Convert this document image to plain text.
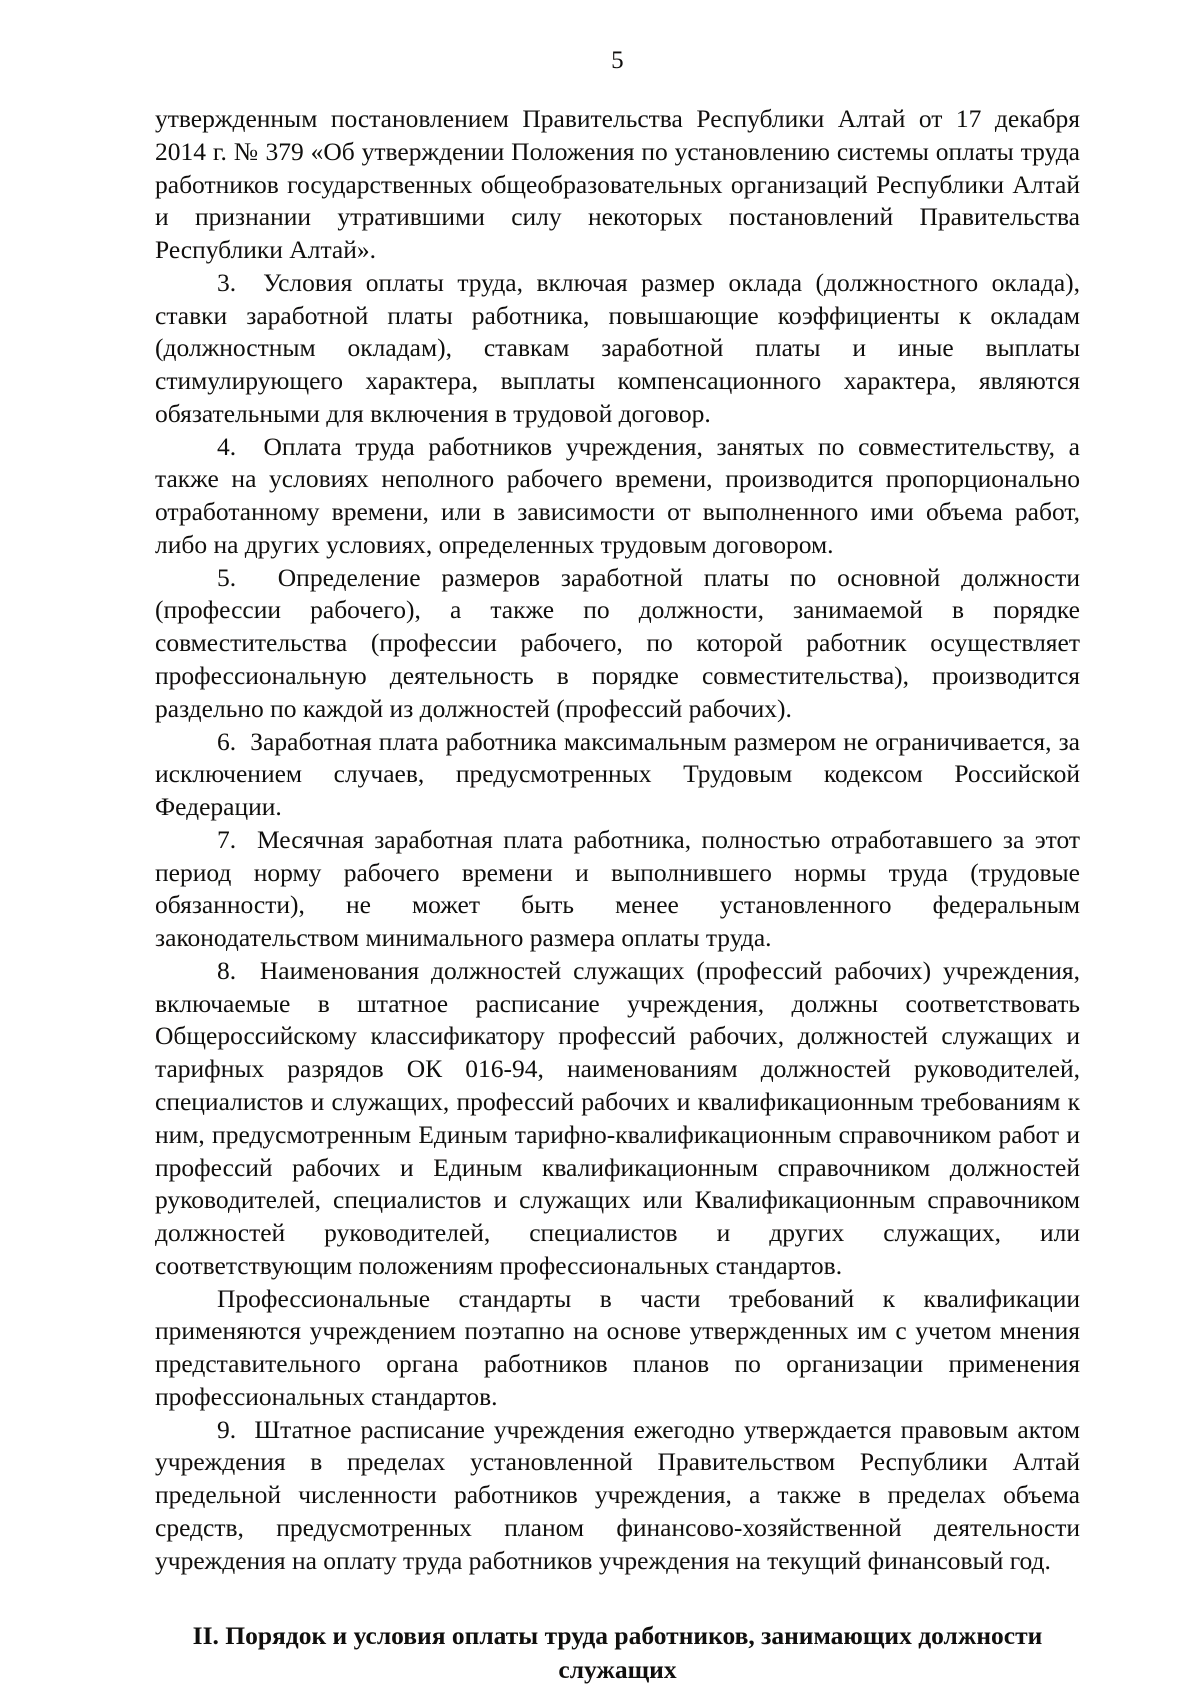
5

утвержденным постановлением Правительства Республики Алтай от 17 декабря 2014 г. № 379 «Об утверждении Положения по установлению системы оплаты труда работников государственных общеобразовательных организаций Республики Алтай и признании утратившими силу некоторых постановлений Правительства Республики Алтай».

3. Условия оплаты труда, включая размер оклада (должностного оклада), ставки заработной платы работника, повышающие коэффициенты к окладам (должностным окладам), ставкам заработной платы и иные выплаты стимулирующего характера, выплаты компенсационного характера, являются обязательными для включения в трудовой договор.

4. Оплата труда работников учреждения, занятых по совместительству, а также на условиях неполного рабочего времени, производится пропорционально отработанному времени, или в зависимости от выполненного ими объема работ, либо на других условиях, определенных трудовым договором.

5. Определение размеров заработной платы по основной должности (профессии рабочего), а также по должности, занимаемой в порядке совместительства (профессии рабочего, по которой работник осуществляет профессиональную деятельность в порядке совместительства), производится раздельно по каждой из должностей (профессий рабочих).

6. Заработная плата работника максимальным размером не ограничивается, за исключением случаев, предусмотренных Трудовым кодексом Российской Федерации.

7. Месячная заработная плата работника, полностью отработавшего за этот период норму рабочего времени и выполнившего нормы труда (трудовые обязанности), не может быть менее установленного федеральным законодательством минимального размера оплаты труда.

8. Наименования должностей служащих (профессий рабочих) учреждения, включаемые в штатное расписание учреждения, должны соответствовать Общероссийскому классификатору профессий рабочих, должностей служащих и тарифных разрядов ОК 016-94, наименованиям должностей руководителей, специалистов и служащих, профессий рабочих и квалификационным требованиям к ним, предусмотренным Единым тарифно-квалификационным справочником работ и профессий рабочих и Единым квалификационным справочником должностей руководителей, специалистов и служащих или Квалификационным справочником должностей руководителей, специалистов и других служащих, или соответствующим положениям профессиональных стандартов.

Профессиональные стандарты в части требований к квалификации применяются учреждением поэтапно на основе утвержденных им с учетом мнения представительного органа работников планов по организации применения профессиональных стандартов.

9. Штатное расписание учреждения ежегодно утверждается правовым актом учреждения в пределах установленной Правительством Республики Алтай предельной численности работников учреждения, а также в пределах объема средств, предусмотренных планом финансово-хозяйственной деятельности учреждения на оплату труда работников учреждения на текущий финансовый год.

II. Порядок и условия оплаты труда работников, занимающих должности
служащих
